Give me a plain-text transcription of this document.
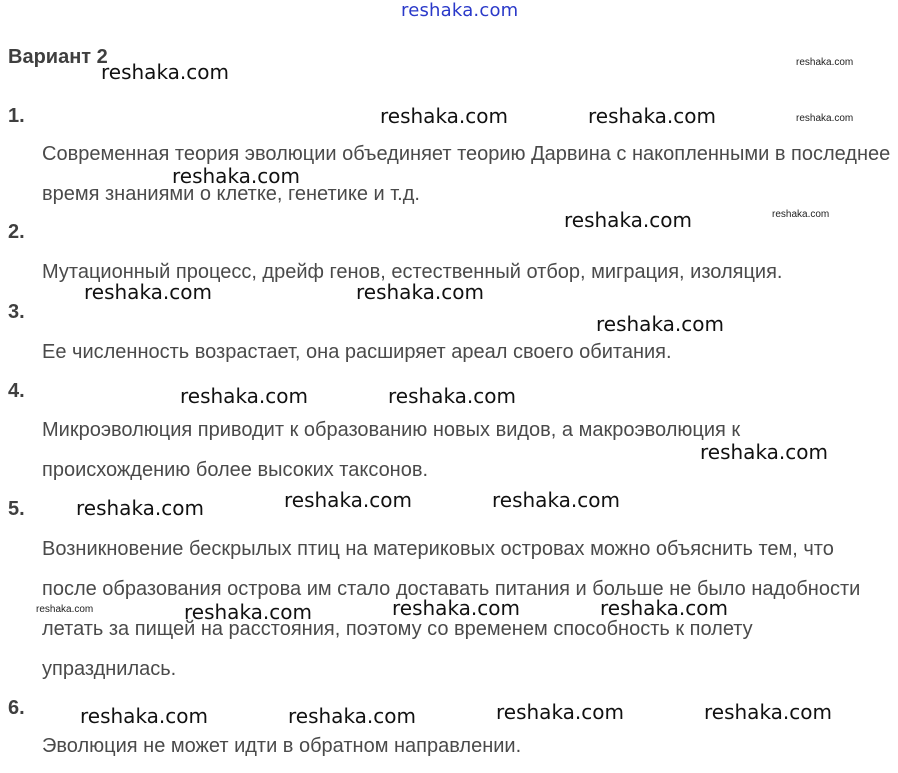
reshaka.com
Вариант 2
1.
Современная теория эволюции объединяет теорию Дарвина с накопленными в последнее время знаниями о клетке, генетике и т.д.
2.
Мутационный процесс, дрейф генов, естественный отбор, миграция, изоляция.
3.
Ее численность возрастает, она расширяет ареал своего обитания.
4.
Микроэволюция приводит к образованию новых видов, а макроэволюция к происхождению более высоких таксонов.
5.
Возникновение бескрылых птиц на материковых островах можно объяснить тем, что после образования острова им стало доставать питания и больше не было надобности летать за пищей на расстояния, поэтому со временем способность к полету упразднилась.
6.
Эволюция не может идти в обратном направлении.
reshaka.com	reshaka.com
reshaka.com	reshaka.com	reshaka.com
reshaka.com
reshaka.com	reshaka.com
reshaka.com	reshaka.com
reshaka.com
reshaka.com	reshaka.com
reshaka.com
reshaka.com	reshaka.com
reshaka.com
reshaka.com	reshaka.com	reshaka.com	reshaka.com
reshaka.com	reshaka.com	reshaka.com	reshaka.com
